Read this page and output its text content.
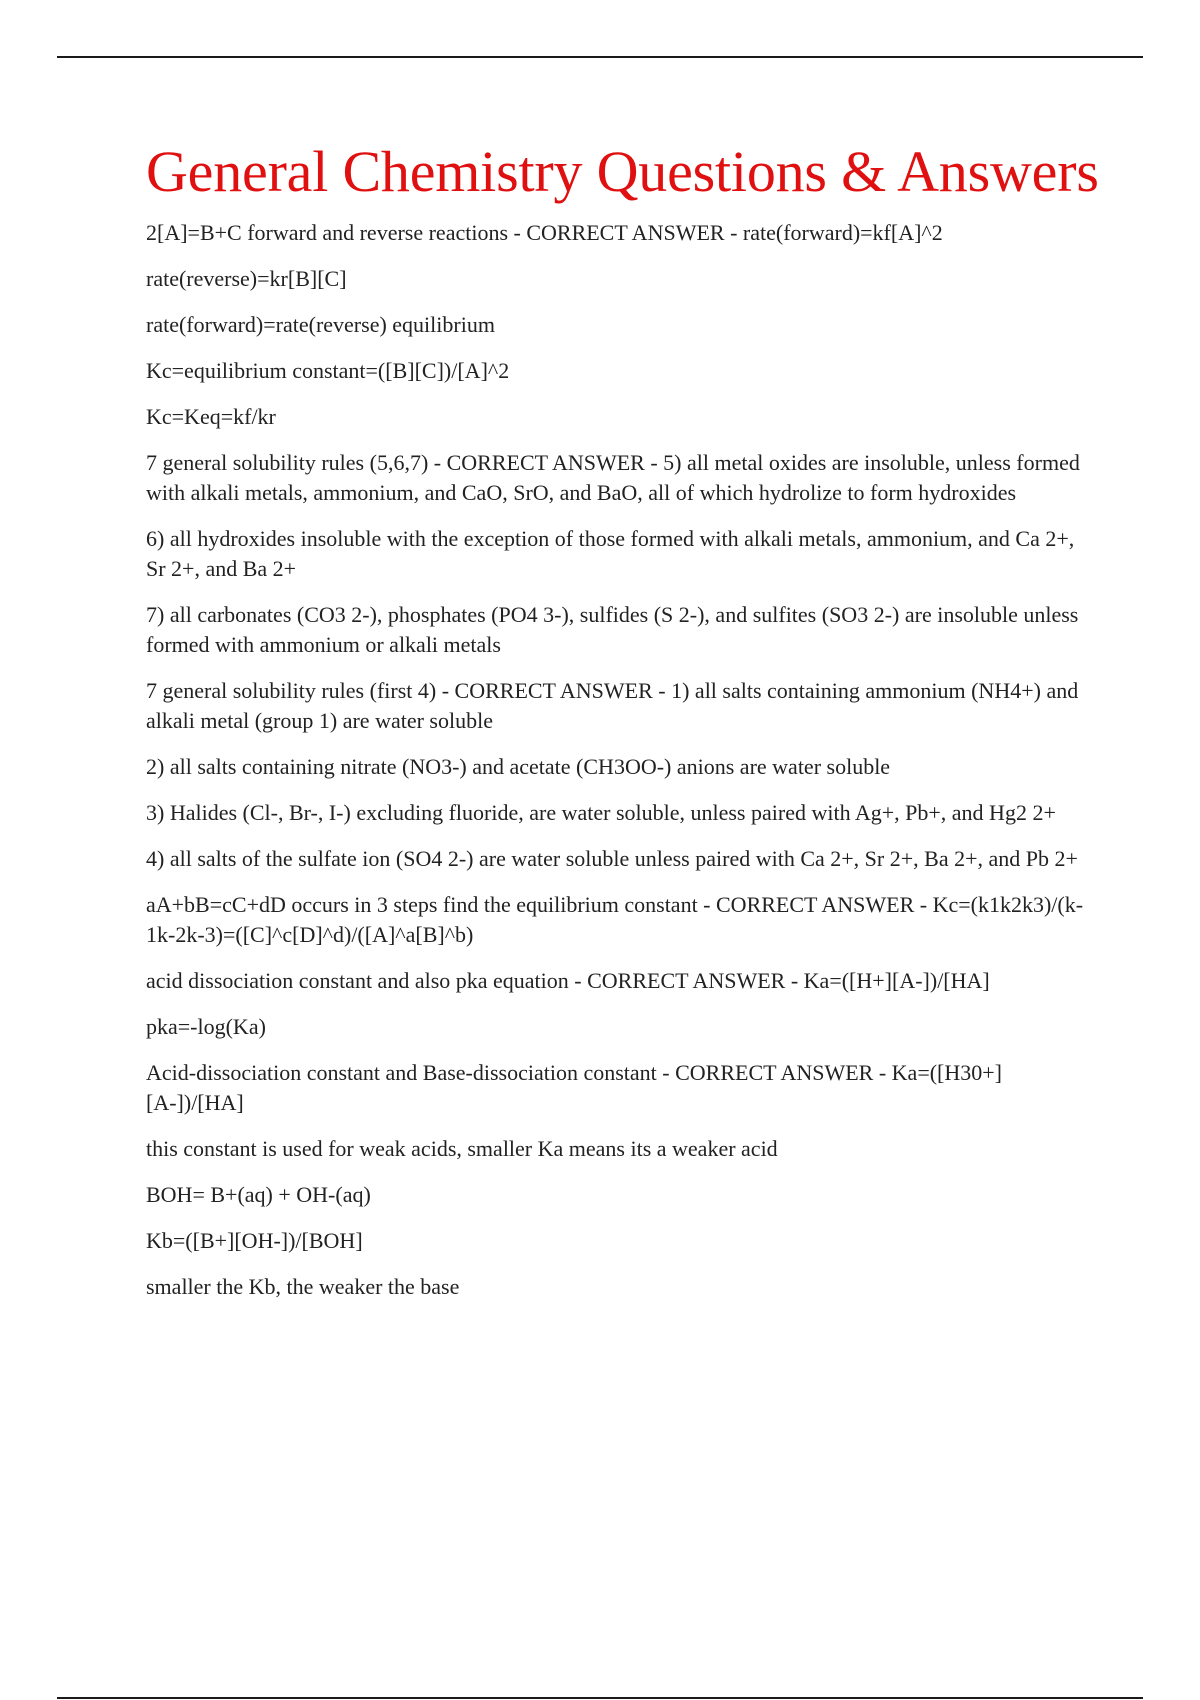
General Chemistry Questions & Answers

2[A]=B+C forward and reverse reactions - CORRECT ANSWER - rate(forward)=kf[A]^2

rate(reverse)=kr[B][C]

rate(forward)=rate(reverse) equilibrium

Kc=equilibrium constant=([B][C])/[A]^2

Kc=Keq=kf/kr

7 general solubility rules (5,6,7) - CORRECT ANSWER - 5) all metal oxides are insoluble, unless formed with alkali metals, ammonium, and CaO, SrO, and BaO, all of which hydrolize to form hydroxides

6) all hydroxides insoluble with the exception of those formed with alkali metals, ammonium, and Ca 2+, Sr 2+, and Ba 2+

7) all carbonates (CO3 2-), phosphates (PO4 3-), sulfides (S 2-), and sulfites (SO3 2-) are insoluble unless formed with ammonium or alkali metals

7 general solubility rules (first 4) - CORRECT ANSWER - 1) all salts containing ammonium (NH4+) and alkali metal (group 1) are water soluble

2) all salts containing nitrate (NO3-) and acetate (CH3OO-) anions are water soluble

3) Halides (Cl-, Br-, I-) excluding fluoride, are water soluble, unless paired with Ag+, Pb+, and Hg2 2+

4) all salts of the sulfate ion (SO4 2-) are water soluble unless paired with Ca 2+, Sr 2+, Ba 2+, and Pb 2+

aA+bB=cC+dD occurs in 3 steps find the equilibrium constant - CORRECT ANSWER - Kc=(k1k2k3)/(k-1k-2k-3)=([C]^c[D]^d)/([A]^a[B]^b)

acid dissociation constant and also pka equation - CORRECT ANSWER - Ka=([H+][A-])/[HA]

pka=-log(Ka)

Acid-dissociation constant and Base-dissociation constant - CORRECT ANSWER - Ka=([H30+][A-])/[HA]

this constant is used for weak acids, smaller Ka means its a weaker acid

BOH= B+(aq) + OH-(aq)

Kb=([B+][OH-])/[BOH]

smaller the Kb, the weaker the base
